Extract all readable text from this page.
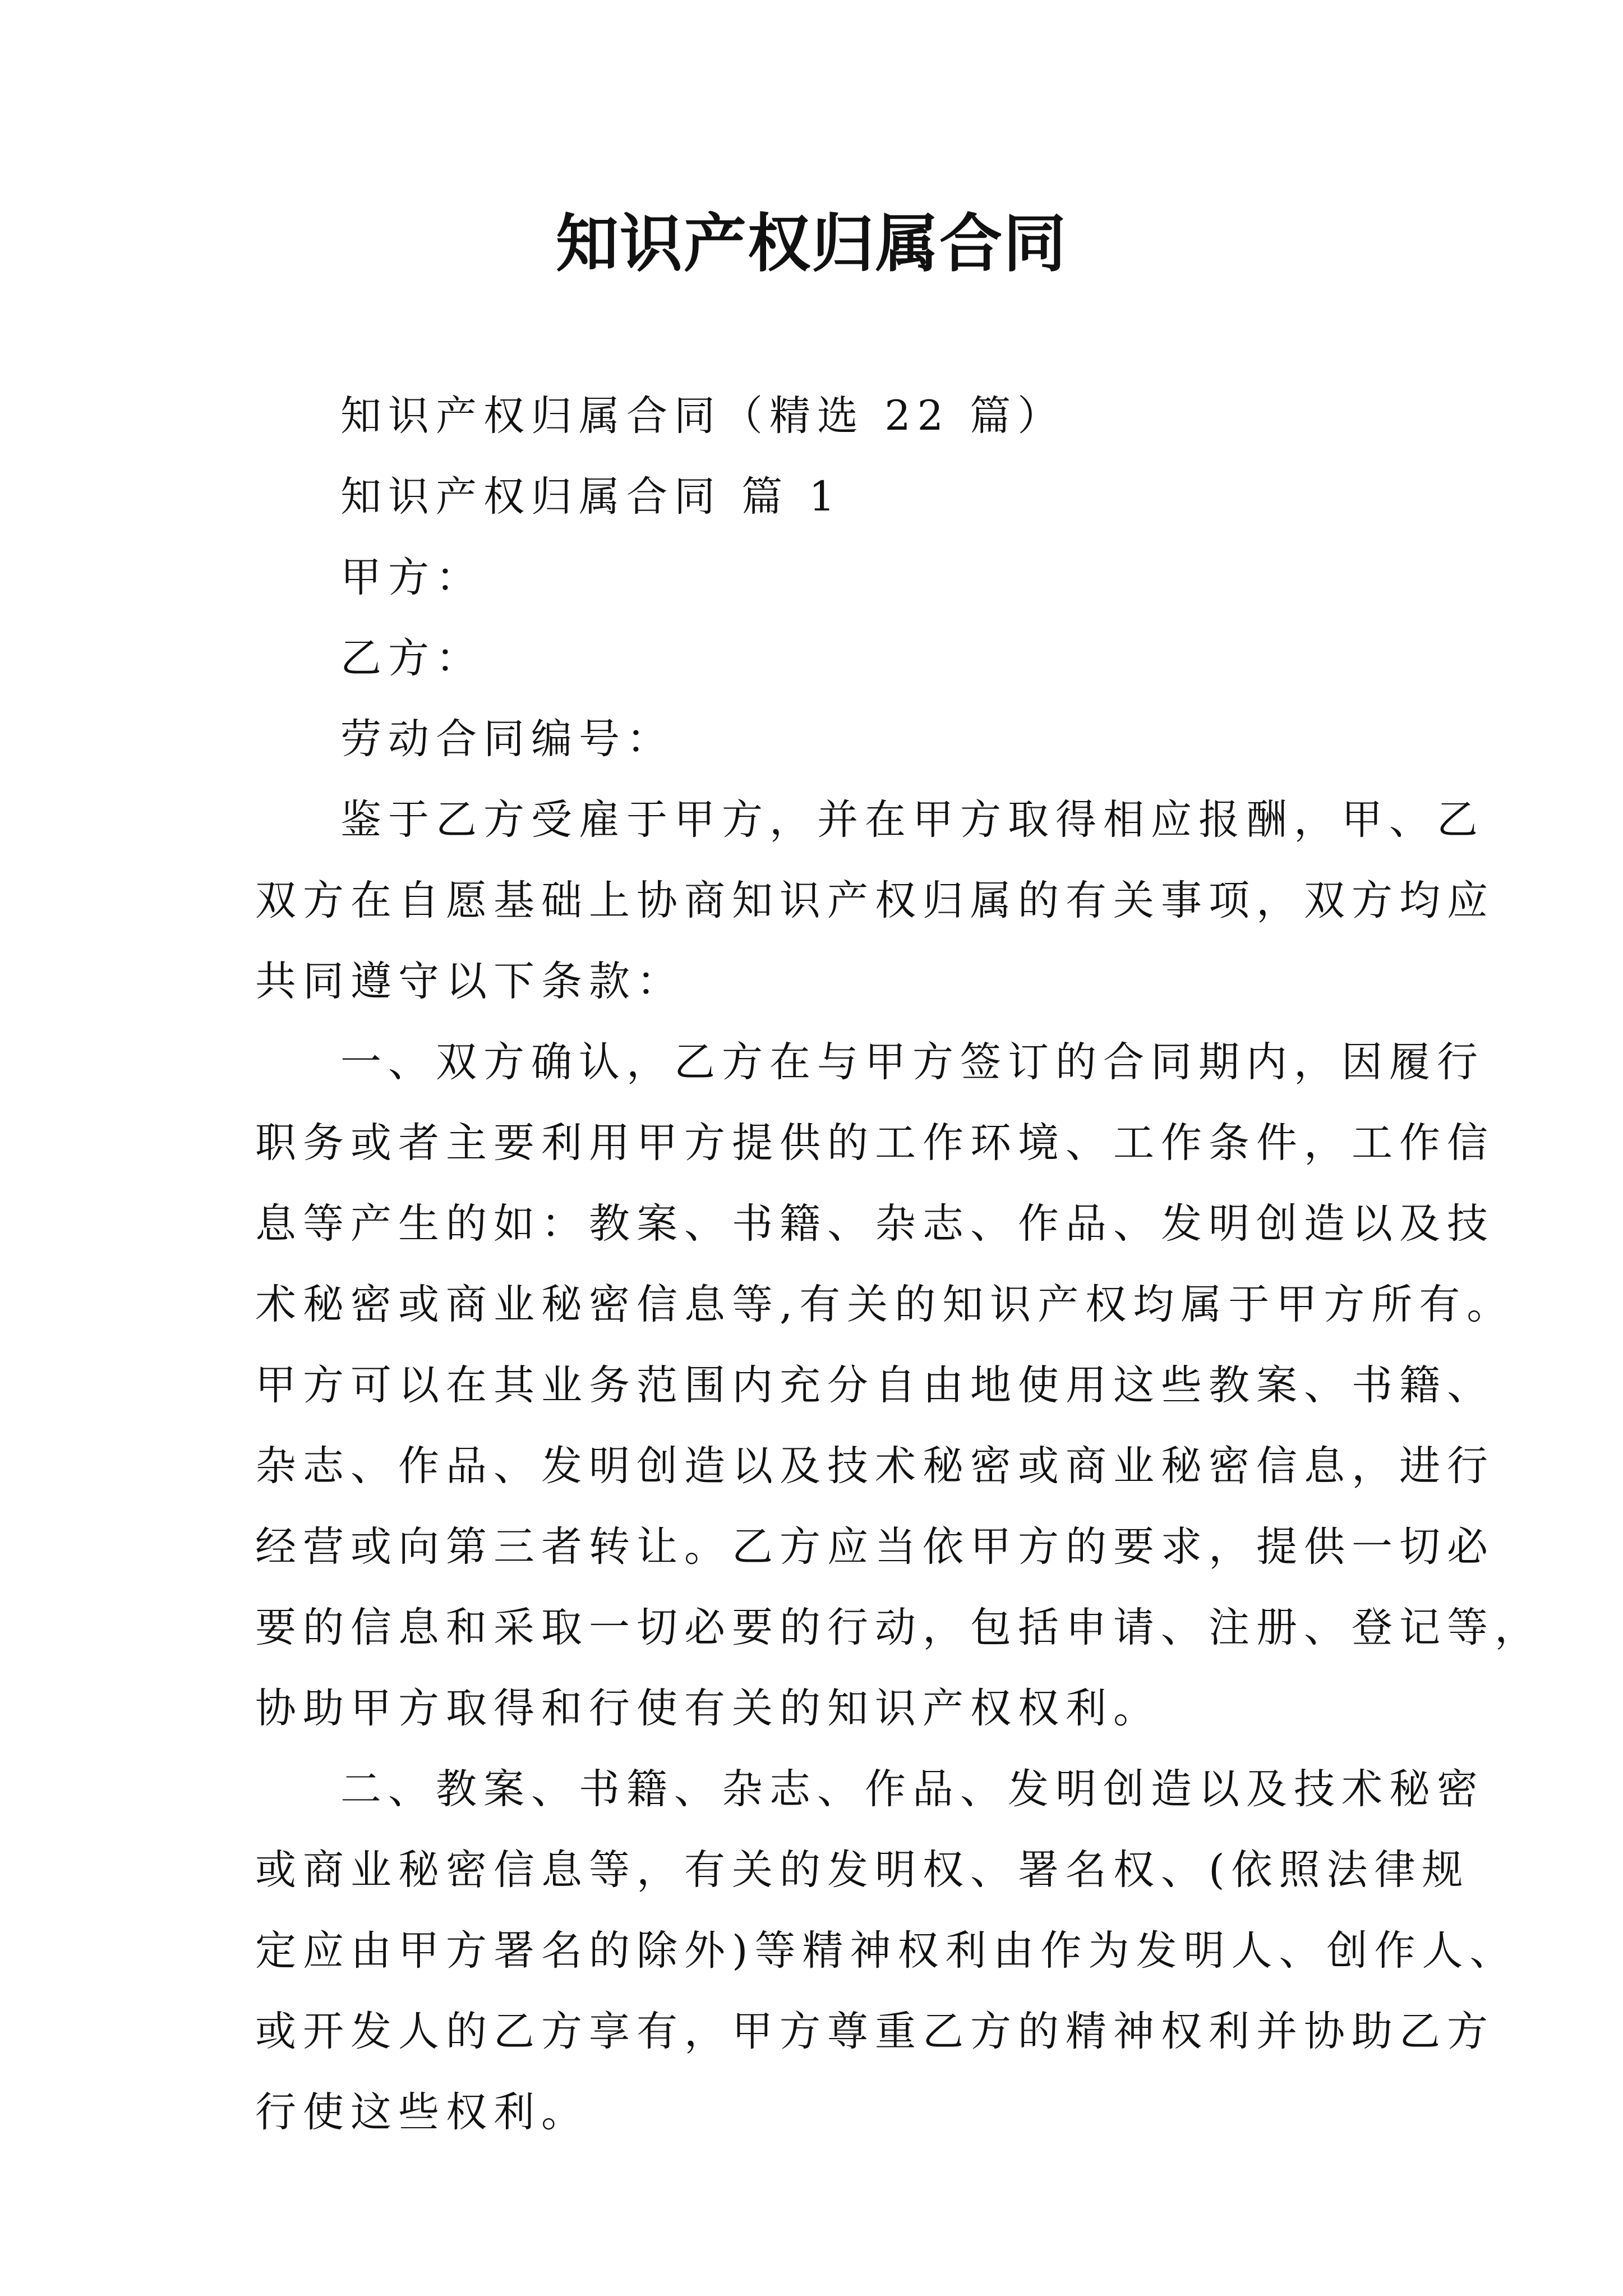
知识产权归属合同
知识产权归属合同（精选 22 篇）
知识产权归属合同 篇 1
甲方：
乙方：
劳动合同编号：
鉴于乙方受雇于甲方，并在甲方取得相应报酬，甲、乙
双方在自愿基础上协商知识产权归属的有关事项，双方均应
共同遵守以下条款：
一、双方确认，乙方在与甲方签订的合同期内，因履行
职务或者主要利用甲方提供的工作环境、工作条件，工作信
息等产生的如：教案、书籍、杂志、作品、发明创造以及技
术秘密或商业秘密信息等,有关的知识产权均属于甲方所有。
甲方可以在其业务范围内充分自由地使用这些教案、书籍、
杂志、作品、发明创造以及技术秘密或商业秘密信息，进行
经营或向第三者转让。乙方应当依甲方的要求，提供一切必
要的信息和采取一切必要的行动，包括申请、注册、登记等，
协助甲方取得和行使有关的知识产权权利。
二、教案、书籍、杂志、作品、发明创造以及技术秘密
或商业秘密信息等，有关的发明权、署名权、(依照法律规
定应由甲方署名的除外)等精神权利由作为发明人、创作人、
或开发人的乙方享有，甲方尊重乙方的精神权利并协助乙方
行使这些权利。
